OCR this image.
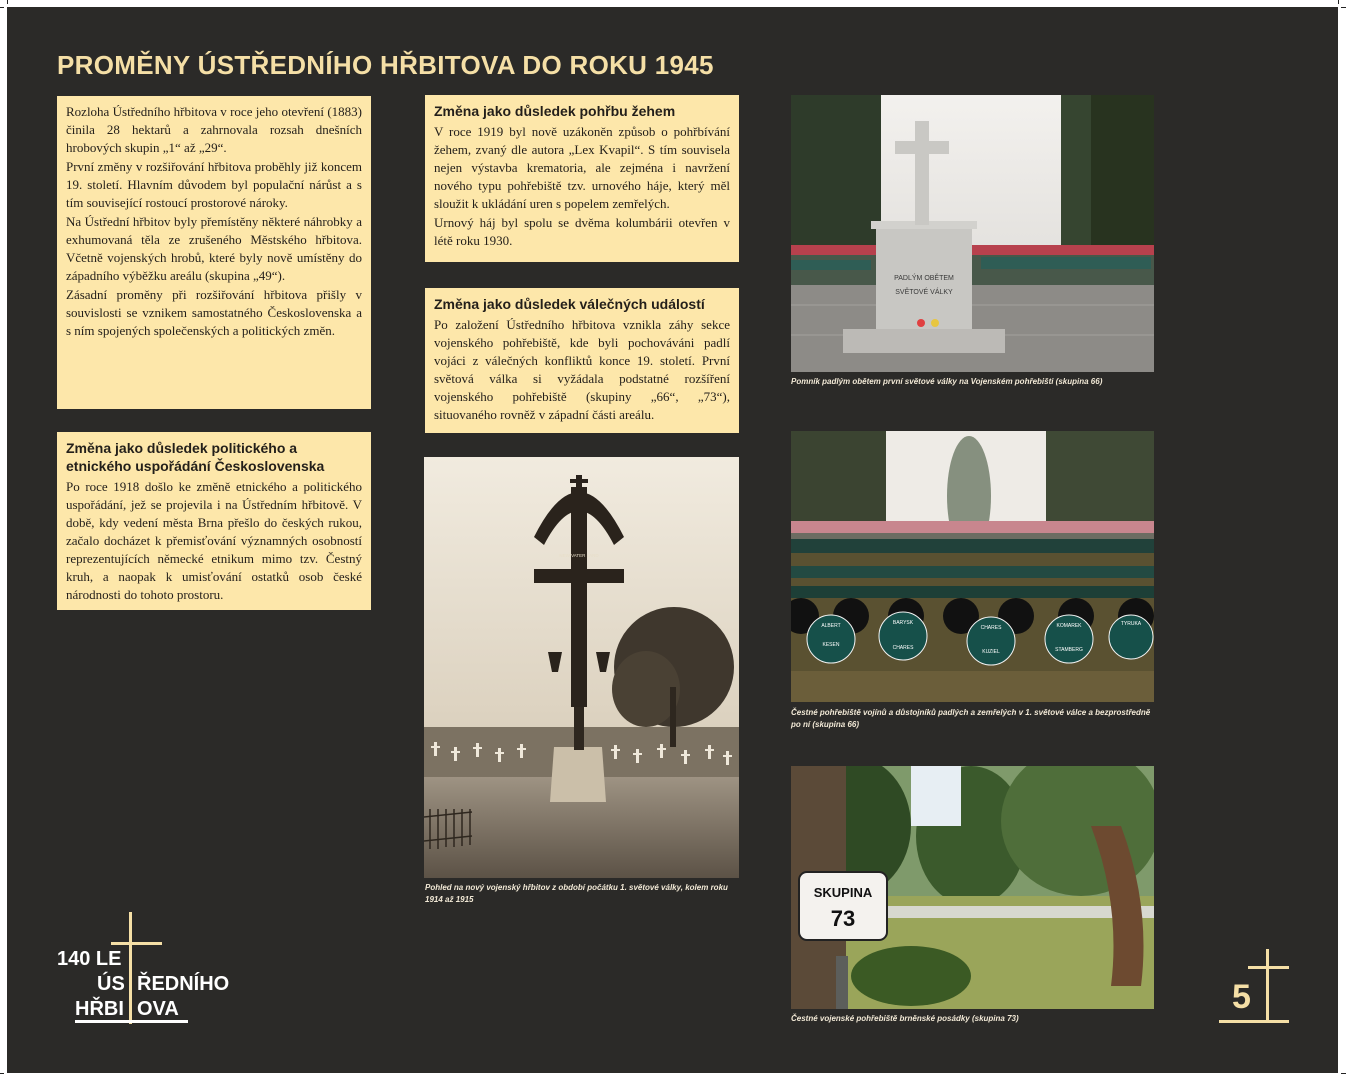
PROMĚNY ÚSTŘEDNÍHO HŘBITOVA DO ROKU 1945

Rozloha Ústředního hřbitova v roce jeho otevření (1883) činila 28 hektarů a zahrnovala rozsah dnešních hrobových skupin „1“ až „29“.

První změny v rozšiřování hřbitova proběhly již koncem 19. století. Hlavním důvodem byl populační nárůst a s tím související rostoucí prostorové nároky.

Na Ústřední hřbitov byly přemístěny některé náhrobky a exhumovaná těla ze zrušeného Městského hřbitova. Včetně vojenských hrobů, které byly nově umístěny do západního výběžku areálu (skupina „49“).

Zásadní proměny při rozšiřování hřbitova přišly v souvislosti se vznikem samostatného Československa a s ním spojených společenských a politických změn.

Změna jako důsledek politického a etnického uspořádání Československa

Po roce 1918 došlo ke změně etnického a politického uspořádání, jež se projevila i na Ústředním hřbitově. V době, kdy vedení města Brna přešlo do českých rukou, začalo docházet k přemisťování významných osobností reprezentujících německé etnikum mimo tzv. Čestný kruh, a naopak k umisťování ostatků osob české národnosti do tohoto prostoru.

Změna jako důsledek pohřbu žehem

V roce 1919 byl nově uzákoněn způsob o pohřbívání žehem, zvaný dle autora „Lex Kvapil“. S tím souvisela nejen výstavba krematoria, ale zejména i navržení nového typu pohřebiště tzv. urnového háje, který měl sloužit k ukládání uren s popelem zemřelých.

Urnový háj byl spolu se dvěma kolumbárii otevřen v létě roku 1930.

Změna jako důsledek válečných událostí

Po založení Ústředního hřbitova vznikla záhy sekce vojenského pohřebiště, kde byli pochováváni padlí vojáci z válečných konfliktů konce 19. století. První světová válka si vyžádala podstatné rozšíření vojenského pohřebiště (skupiny „66“, „73“), situovaného rovněž v západní části areálu.

NEW VATER LAND
Pohled na nový vojenský hřbitov z období počátku 1. světové války, kolem roku 1914 až 1915
PADLÝM OBĚTEM
SVĚTOVÉ VÁLKY
Pomník padlým obětem první světové války na Vojenském pohřebišti (skupina 66)
ALBERT	BARYSK
CHARES	KOMAREK	TYRUKA
KESEN	CHARES
KUZIEL	STAMBERG
Čestné pohřebiště vojínů a důstojníků padlých a zemřelých v 1. světové válce a bezprostředně po ní (skupina 66)
SKUPINA
73
Čestné vojenské pohřebiště brněnské posádky (skupina 73)
140 LE
ÚS ŘEDNÍHO
HŘBI OVA	5
